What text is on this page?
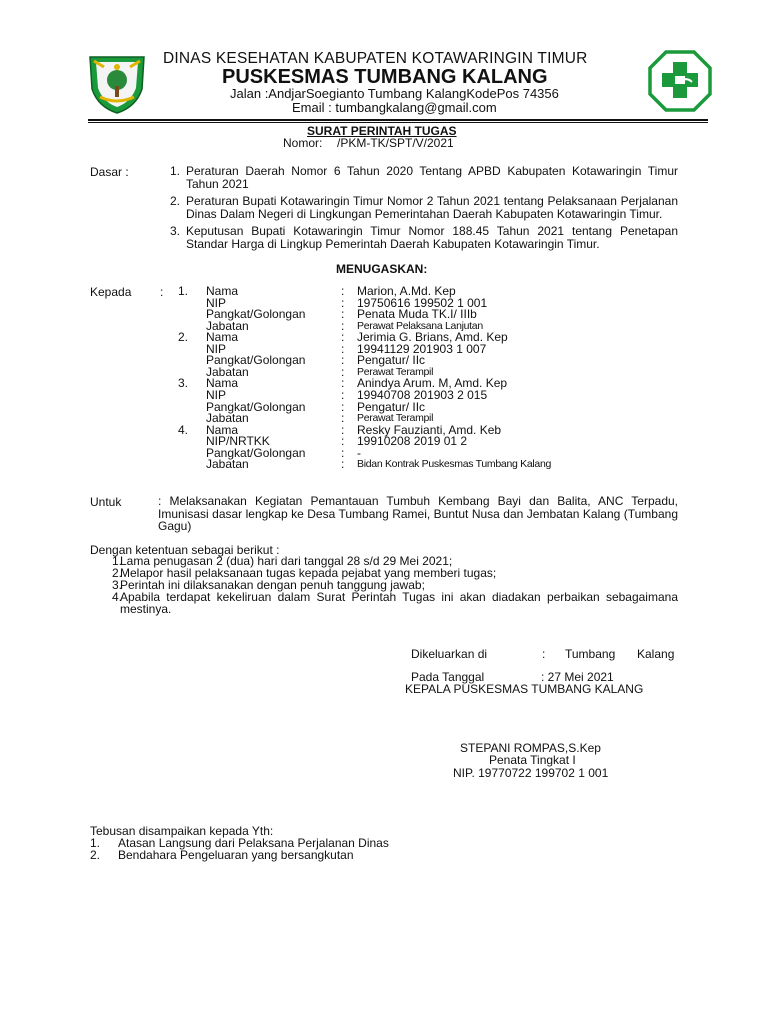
DINAS KESEHATAN KABUPATEN KOTAWARINGIN TIMUR
PUSKESMAS TUMBANG KALANG
Jalan :AndjarSoegianto Tumbang KalangKodePos 74356
Email : tumbangkalang@gmail.com
SURAT PERINTAH TUGAS
Nomor: /PKM-TK/SPT/V/2021
Dasar :	1. Peraturan Daerah Nomor 6 Tahun 2020 Tentang APBD Kabupaten Kotawaringin Timur Tahun 2021
2. Peraturan Bupati Kotawaringin Timur Nomor 2 Tahun 2021 tentang Pelaksanaan Perjalanan Dinas Dalam Negeri di Lingkungan Pemerintahan Daerah Kabupaten Kotawaringin Timur.
3. Keputusan Bupati Kotawaringin Timur Nomor 188.45 Tahun 2021 tentang Penetapan Standar Harga di Lingkup Pemerintah Daerah Kabupaten Kotawaringin Timur.
MENUGASKAN:
Kepada : 1. Nama	: Marion, A.Md. Kep
NIP	: 19750616 199502 1 001
Pangkat/Golongan	: Penata Muda TK.I/ IIIb
Jabatan	: Perawat Pelaksana Lanjutan
2. Nama	: Jerimia G. Brians, Amd. Kep
NIP	: 19941129 201903 1 007
Pangkat/Golongan	: Pengatur/ IIc
Jabatan	: Perawat Terampil
3. Nama	: Anindya Arum. M, Amd. Kep
NIP	: 19940708 201903 2 015
Pangkat/Golongan	: Pengatur/ IIc
Jabatan	: Perawat Terampil
4. Nama	: Resky Fauzianti, Amd. Keb
NIP/NRTKK	: 19910208 2019 01 2
Pangkat/Golongan	: -
Jabatan	: Bidan Kontrak Puskesmas Tumbang Kalang
Untuk	: Melaksanakan Kegiatan Pemantauan Tumbuh Kembang Bayi dan Balita, ANC Terpadu, Imunisasi dasar lengkap ke Desa Tumbang Ramei, Buntut Nusa dan Jembatan Kalang (Tumbang Gagu)
Dengan ketentuan sebagai berikut :
1.
Lama penugasan 2 (dua) hari dari tanggal 28 s/d 29 Mei 2021;
2.
Melapor hasil pelaksanaan tugas kepada pejabat yang memberi tugas;
3.
Perintah ini dilaksanakan dengan penuh tanggung jawab;
4.
Apabila terdapat kekeliruan dalam Surat Perintah Tugas ini akan diadakan perbaikan sebagaimana mestinya.
Dikeluarkan di	: Tumbang Kalang
Pada Tanggal	: 27 Mei 2021
KEPALA PUSKESMAS TUMBANG KALANG
STEPANI ROMPAS,S.Kep
Penata Tingkat I
NIP. 19770722 199702 1 001
Tebusan disampaikan kepada Yth:
1. Atasan Langsung dari Pelaksana Perjalanan Dinas
2. Bendahara Pengeluaran yang bersangkutan
